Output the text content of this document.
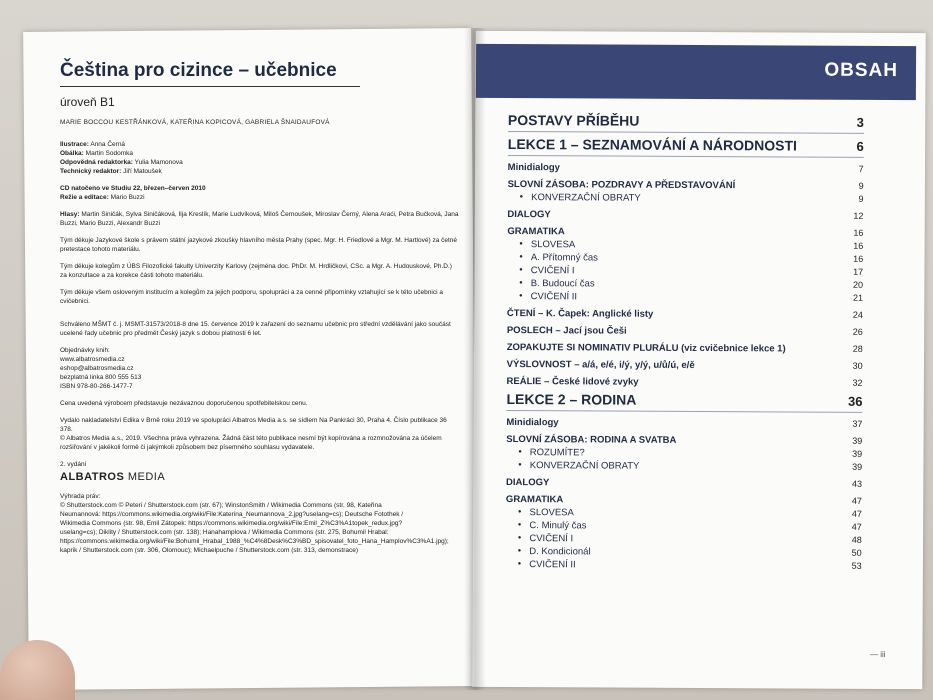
Čeština pro cizince – učebnice

úroveň B1

MARIE BOCCOU KESTŘÁNKOVÁ, KATEŘINA KOPICOVÁ, GABRIELA ŠNAIDAUFOVÁ

Ilustrace: Anna Černá
Obálka: Martin Sodomka
Odpovědná redaktorka: Yulia Mamonova
Technický redaktor: Jiří Matoušek
CD natočeno ve Studiu 22, březen–červen 2010
Režie a editace: Mario Buzzi
Hlasy: Martin Siničák, Sylva Siničáková, Ilja Kreslík, Marie Ludvíková, Miloš Černoušek, Miroslav Černý, Alena Araći, Petra Bučková, Jana Buzzi, Mario Buzzi, Alexandr Buzzi
Tým děkuje Jazykové škole s právem státní jazykové zkoušky hlavního města Prahy (spec. Mgr. H. Friedlové a Mgr. M. Hartlové) za četné pretestace tohoto materiálu.
Tým děkuje kolegům z ÚBS Filozofické fakulty Univerzity Karlovy (zejména doc. PhDr. M. Hrdličkovi, CSc. a Mgr. A. Hudouskové, Ph.D.) za konzultace a za korekce části tohoto materiálu.
Tým děkuje všem osloveným institucím a kolegům za jejich podporu, spolupráci a za cenné připomínky vztahující se k této učebnici a cvičebnici.
Schváleno MŠMT č. j. MSMT-31573/2018-8 dne 15. července 2019 k zařazení do seznamu učebnic pro střední vzdělávání jako součást ucelené řady učebnic pro předmět Český jazyk s dobou platnosti 6 let.
Objednávky knih:
www.albatrosmedia.cz
eshop@albatrosmedia.cz
bezplatná linka 800 555 513
ISBN 978-80-266-1477-7
Cena uvedená výrobcem představuje nezávaznou doporučenou spotřebitelskou cenu.
Vydalo nakladatelství Edika v Brně roku 2019 ve spolupráci Albatros Media a.s. se sídlem Na Pankráci 30, Praha 4. Číslo publikace 36 378.
© Albatros Media a.s., 2019. Všechna práva vyhrazena. Žádná část této publikace nesmí být kopírována a rozmnožována za účelem rozšiřování v jakékoli formě či jakýmkoli způsobem bez písemného souhlasu vydavatele.
2. vydání
ALBATROS MEDIA
Výhrada práv:
© Shutterstock.com © Peteri / Shutterstock.com (str. 67); WinstonSmith / Wikimedia Commons (str. 98, Kateřina Neumannová: https://commons.wikimedia.org/wiki/File:Katerina_Neumannova_2.jpg?uselang=cs); Deutsche Fotothek / Wikimedia Commons (str. 98, Emil Zátopek: https://commons.wikimedia.org/wiki/File:Emil_Z%C3%A1topek_redux.jpg?uselang=cs); Diklity / Shutterstock.com (str. 138); Hanahamplova / Wikimedia Commons (str. 275, Bohumil Hrabal: https://commons.wikimedia.org/wiki/File:Bohumil_Hrabal_1988_%C4%8Desk%C3%BD_spisovatel_foto_Hana_Hamplov%C3%A1.jpg); kaprik / Shutterstock.com (str. 306, Olomouc); Michaelpuche / Shutterstock.com (str. 313, demonstrace)
OBSAH
POSTAVY PŘÍBĚHU	3
LEKCE 1 – SEZNAMOVÁNÍ A NÁRODNOSTI	6
Minidialogy	7
SLOVNÍ ZÁSOBA: POZDRAVY A PŘEDSTAVOVÁNÍ	9
● KONVERZAČNÍ OBRATY	9
DIALOGY	12
GRAMATIKA	16
● SLOVESA	16
● A. Přítomný čas	16
● CVIČENÍ I	17
● B. Budoucí čas	20
● CVIČENÍ II	21
ČTENÍ – K. Čapek: Anglické listy	24
POSLECH – Jací jsou Češi	26
ZOPAKUJTE SI NOMINATIV PLURÁLU (viz cvičebnice lekce 1)	28
VÝSLOVNOST – a/á, e/é, i/ý, y/ý, u/ů/ú, e/ě	30
REÁLIE – České lidové zvyky	32
LEKCE 2 – RODINA	36
Minidialogy	37
SLOVNÍ ZÁSOBA: RODINA A SVATBA	39
● ROZUMÍTE?	39
● KONVERZAČNÍ OBRATY	39
DIALOGY	43
GRAMATIKA	47
● SLOVESA	47
● C. Minulý čas	47
● CVIČENÍ I	48
● D. Kondicionál	50
● CVIČENÍ II	53
— iii
